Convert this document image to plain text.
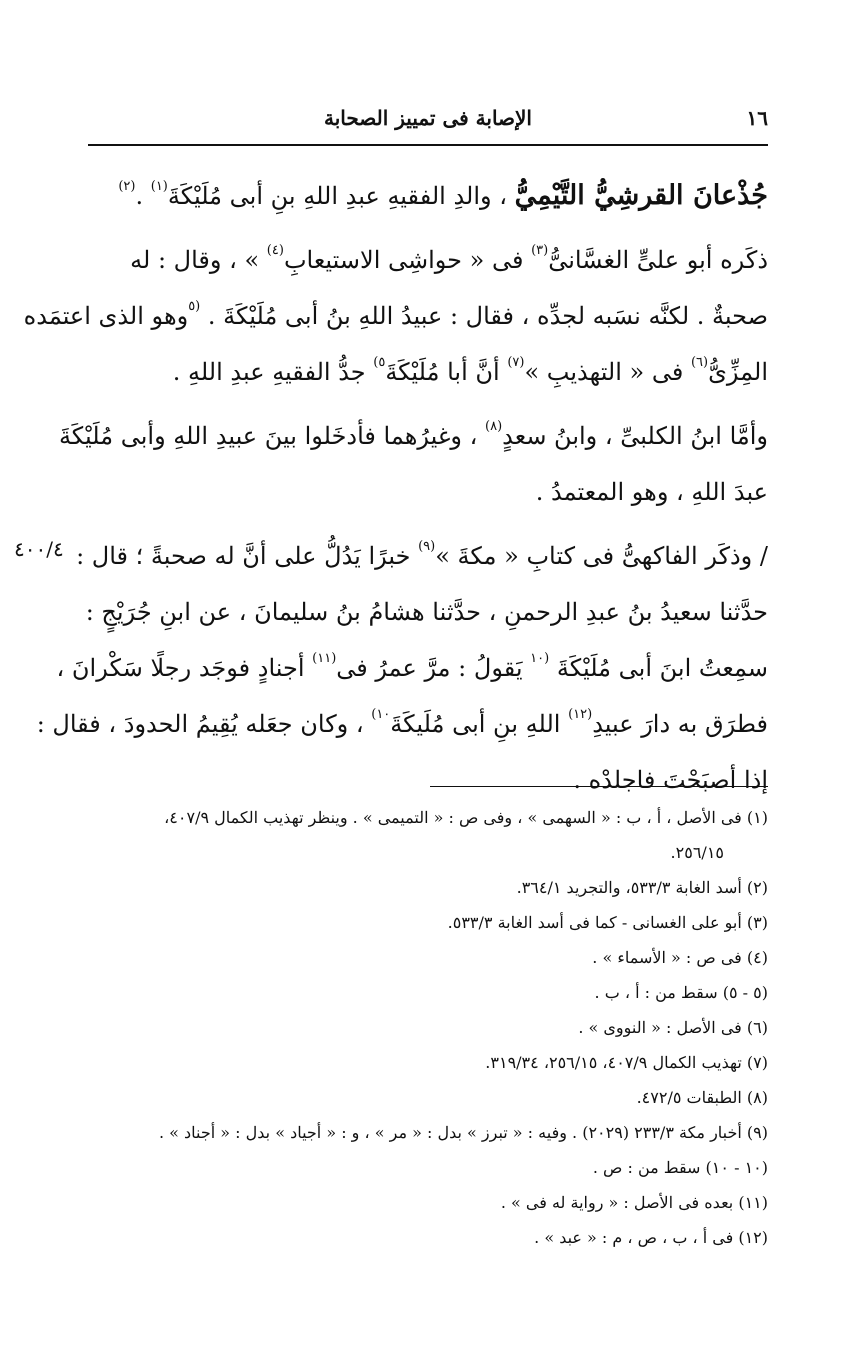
١٦
الإصابة فى تمييز الصحابة
٤٠٠/٤

جُذْعانَ القرشِيُّ التَّيْمِيُّ ، والدِ الفقيهِ عبدِ اللهِ بنِ أبى مُلَيْكَةَ$^{(١)}$ .$^{(٢)}$

ذكَره أبو علىٍّ الغسَّانىُّ$^{(٣)}$ فى « حواشِى الاستيعابِ$^{(٤)}$ » ، وقال : له
صحبةٌ . لكنَّه نسَبه لجدِّه ، فقال : عبيدُ اللهِ بنُ أبى مُلَيْكَةَ . $^{(٥}$وهو الذى اعتمَده
المِزِّىُّ$^{(٦)}$ فى « التهذيبِ »$^{(٧)}$ أنَّ أبا مُلَيْكَةَ$^{٥)}$ جدُّ الفقيهِ عبدِ اللهِ .

وأمَّا ابنُ الكلبىِّ ، وابنُ سعدٍ$^{(٨)}$ ، وغيرُهما فأدخَلوا بينَ عبيدِ اللهِ وأبى مُلَيْكَةَ
عبدَ اللهِ ، وهو المعتمدُ .

/ وذكَر الفاكهىُّ فى كتابِ « مكةَ »$^{(٩)}$ خبرًا يَدُلُّ على أنَّ له صحبةً ؛ قال :
حدَّثنا سعيدُ بنُ عبدِ الرحمنِ ، حدَّثنا هشامُ بنُ سليمانَ ، عن ابنِ جُرَيْجٍ :
سمِعتُ ابنَ أبى مُلَيْكَةَ $^{(١٠}$ يَقولُ : مرَّ عمرُ فى$^{(١١)}$ أجنادٍ فوجَد رجلًا سَكْرانَ ،
فطرَق به دارَ عبيدِ$^{(١٢)}$ اللهِ بنِ أبى مُلَيكَةَ$^{١٠)}$ ، وكان جعَله يُقِيمُ الحدودَ ، فقال :
إذا أصبَحْتَ فاجلدْه .

(١) فى الأصل ، أ ، ب : « السهمى » ، وفى ص : « التميمى » . وينظر تهذيب الكمال ٤٠٧/٩،
٢٥٦/١٥.
(٢) أسد الغابة ٥٣٣/٣، والتجريد ٣٦٤/١.
(٣) أبو على الغسانى - كما فى أسد الغابة ٥٣٣/٣.
(٤) فى ص : « الأسماء » .
(٥ - ٥) سقط من : أ ، ب .
(٦) فى الأصل : « النووى » .
(٧) تهذيب الكمال ٤٠٧/٩، ٢٥٦/١٥، ٣١٩/٣٤.
(٨) الطبقات ٤٧٢/٥.
(٩) أخبار مكة ٢٣٣/٣ (٢٠٢٩) . وفيه : « تبرز » بدل : « مر » ، و : « أجياد » بدل : « أجناد » .
(١٠ - ١٠) سقط من : ص .
(١١) بعده فى الأصل : « رواية له فى » .
(١٢) فى أ ، ب ، ص ، م : « عبد » .
